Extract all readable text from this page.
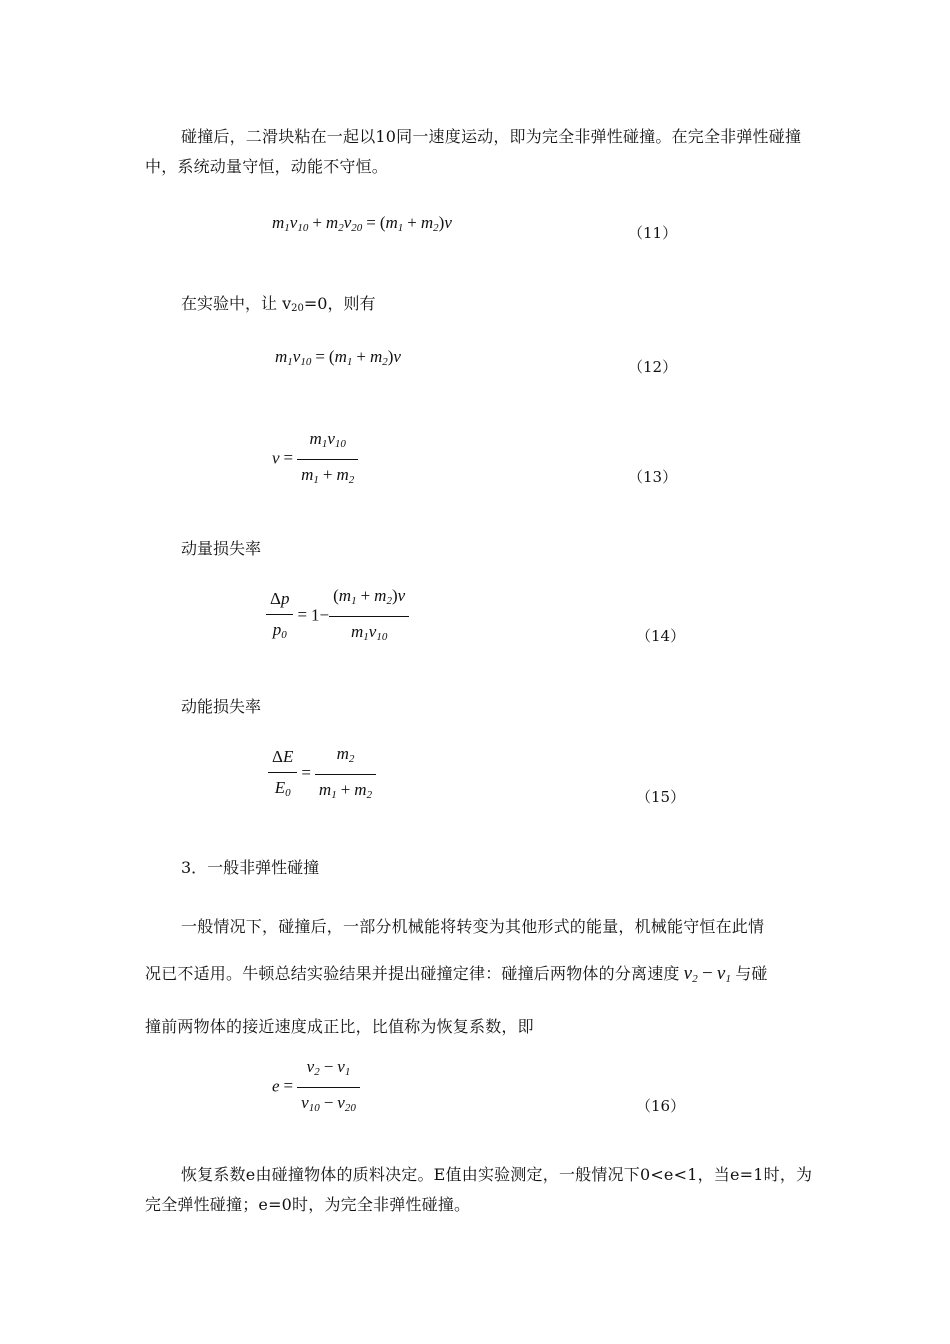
碰撞后，二滑块粘在一起以10同一速度运动，即为完全非弹性碰撞。在完全非弹性碰撞中，系统动量守恒，动能不守恒。
$m_1v_{10} + m_2v_{20} = (m_1 + m_2)v$
（11）
在实验中，让 v20=0，则有
$m_1v_{10} = (m_1 + m_2)v$
（12）
$v = \frac{m_1v_{10}}{m_1 + m_2}$	（13）
动量损失率
$\frac{\Delta p}{p_0} = 1- \frac{(m_1 + m_2)v}{m_1v_{10}}$	（14）
动能损失率
$\frac{\Delta E}{E_0} = \frac{m_2}{m_1 + m_2}$	（15）
3．一般非弹性碰撞
一般情况下，碰撞后，一部分机械能将转变为其他形式的能量，机械能守恒在此情
况已不适用。牛顿总结实验结果并提出碰撞定律：碰撞后两物体的分离速度 $v_2 - v_1$ 与碰
撞前两物体的接近速度成正比，比值称为恢复系数，即
$e = \frac{v_2 - v_1}{v_{10} - v_{20}}$	（16）
恢复系数e由碰撞物体的质料决定。E值由实验测定，一般情况下0<e<1，当e=1时，为完全弹性碰撞；e=0时，为完全非弹性碰撞。
